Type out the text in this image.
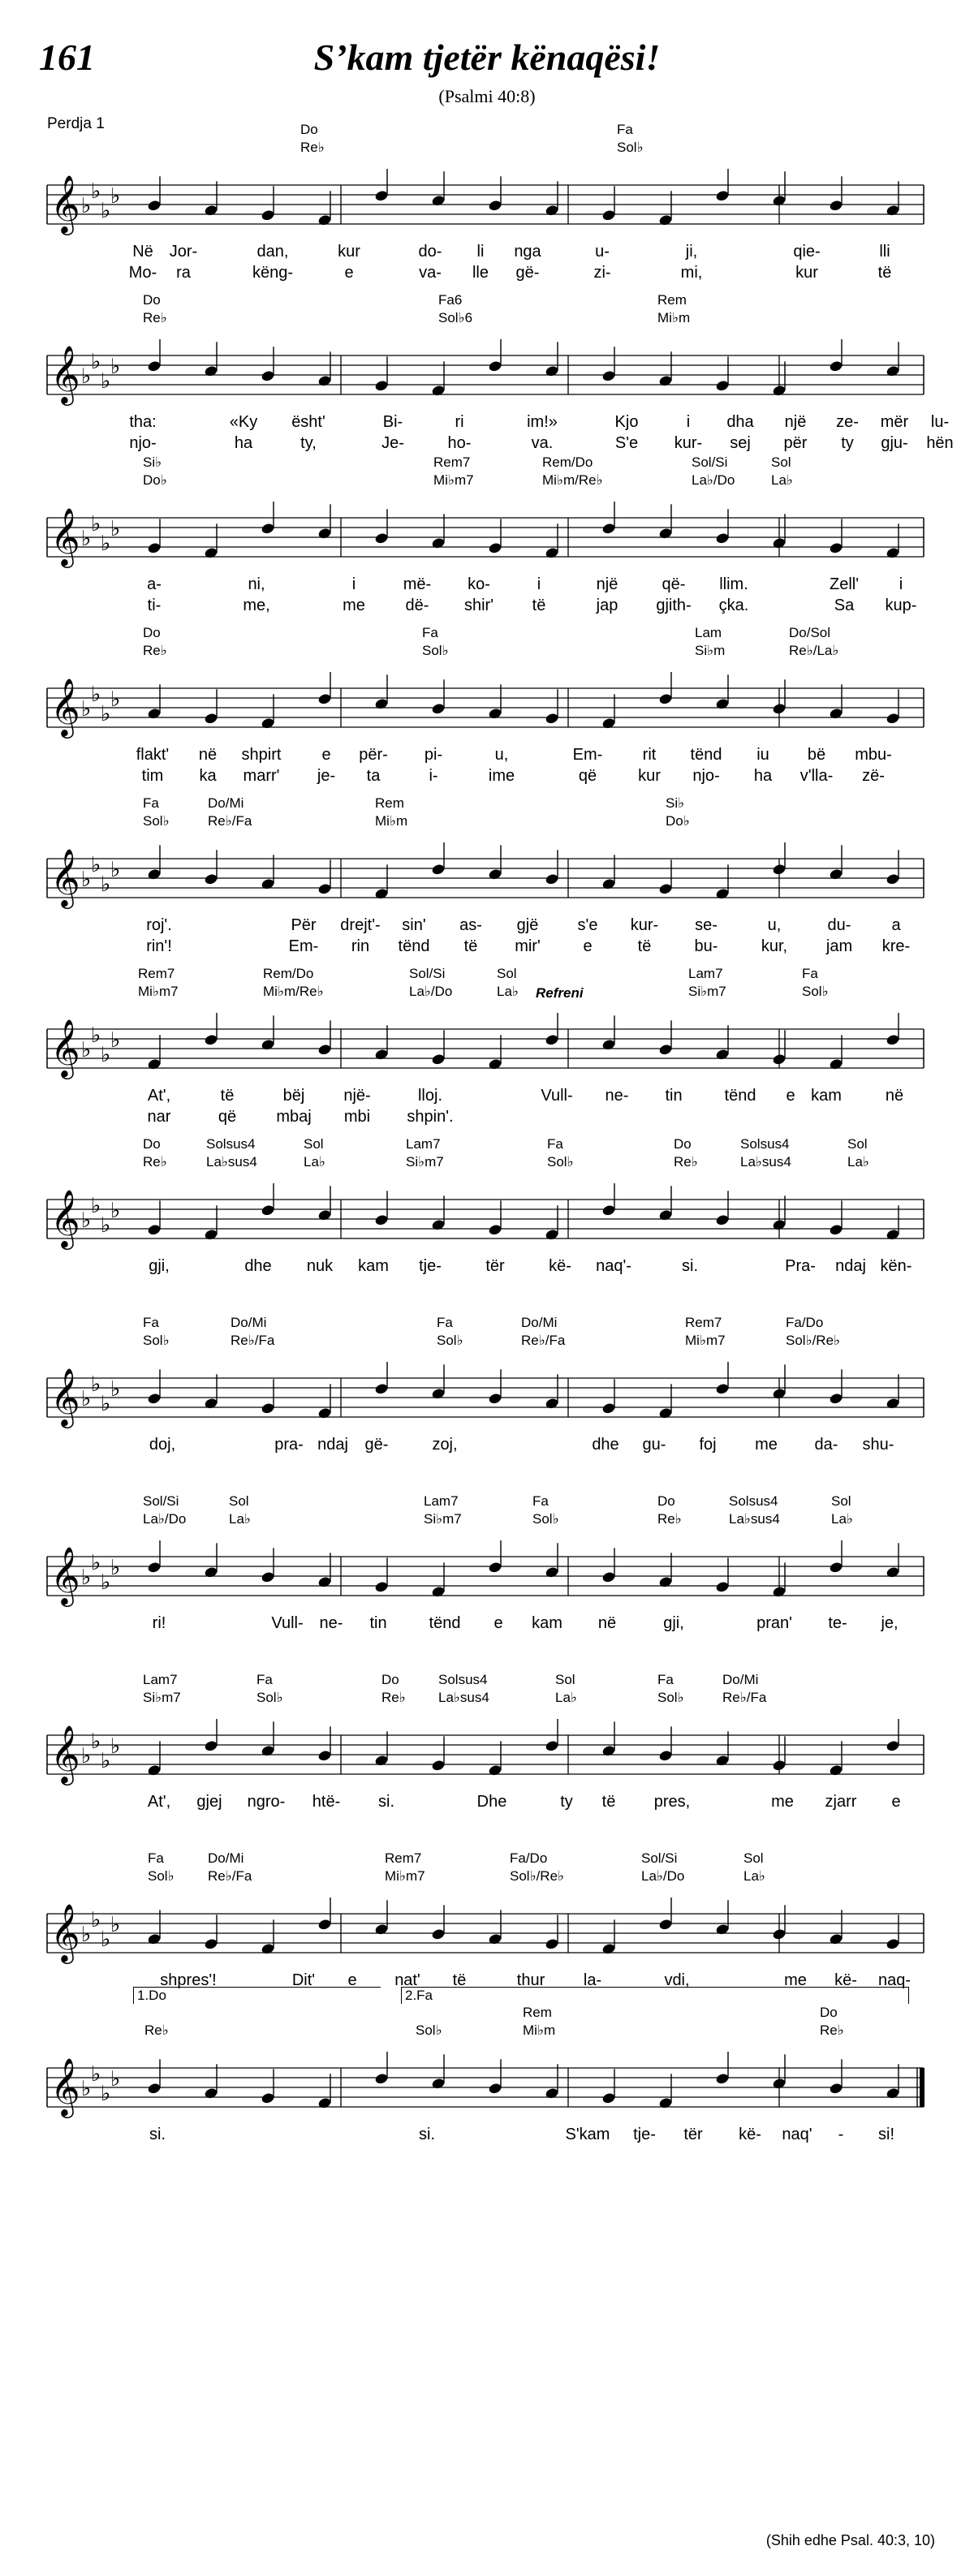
161	S’kam tjetër kënaqësi!
(Psalmi 40:8)
Perdja 1	Do
Re♭
Fa
Sol♭
𝄞 ♭
♭
♭
♭
Në Jor-	dan,	kur	do- li nga	u-	ji,	qie-	lli
Mo- ra	këng-	e	va- lle gë-	zi-	mi,	kur	të
Do
Re♭
Fa6
Sol♭6
Rem
Mi♭m
𝄞 ♭
♭
♭
♭
tha:	«Ky ësht'	Bi-	ri	im!»	Kjo	i dha një ze- mër lu-
njo-	ha	ty,	Je-	ho-	va.	S'e kur- sej për ty gju- hën
Si♭
Do♭
Rem7
Mi♭m7
Rem/Do
Mi♭m/Re♭
Sol/Si
La♭/Do
Sol
La♭
𝄞 ♭
♭
♭
♭
a-	ni,	i	më- ko-	i	një	që- llim.	Zell' i
ti-	me,	me dë- shir' të	jap gjith- çka.	Sa kup-
Do
Re♭
Fa
Sol♭
Lam
Si♭m
Do/Sol
Re♭/La♭
𝄞 ♭
♭
♭
♭
flakt' në shpirt e për- pi-	u,	Em- rit tënd iu bë mbu-
tim ka marr' je- ta	i-	ime	që	kur njo- ha v'lla- zë-
Fa
Sol♭
Do/Mi
Re♭/Fa
Rem
Mi♭m
Si♭
Do♭
𝄞 ♭
♭
♭
♭
roj'.	Për drejt'- sin' as- gjë s'e kur- se-	u,	du- a
rin'!	Em- rin tënd të mir'	e	të	bu-	kur, jam kre-
Rem7
Mi♭m7
Rem/Do
Mi♭m/Re♭
Sol/Si
La♭/Do
Sol
La♭
Lam7
Si♭m7
Fa
Sol♭
Refreni
𝄞 ♭
♭
♭
♭
At',	të	bëj një-	lloj.	Vull- ne- tin	tënd e kam	në
nar	që mbaj mbi shpin'.
Do
Re♭
Solsus4
La♭sus4
Sol
La♭
Lam7
Si♭m7
Fa
Sol♭
Do
Re♭
Solsus4
La♭sus4
Sol
La♭
𝄞 ♭
♭
♭
♭
gji,	dhe nuk kam tje-	tër	kë- naq'-	si.	Pra- ndaj kën-
Fa
Sol♭
Do/Mi
Re♭/Fa
Fa
Sol♭
Do/Mi
Re♭/Fa
Rem7
Mi♭m7
Fa/Do
Sol♭/Re♭
𝄞 ♭
♭
♭
♭
doj,	pra- ndaj gë-	zoj,	dhe gu- foj me da- shu-
Sol/Si
La♭/Do
Sol
La♭
Lam7
Si♭m7
Fa
Sol♭
Do
Re♭
Solsus4
La♭sus4
Sol
La♭
𝄞 ♭
♭
♭
♭
ri!	Vull- ne- tin	tënd e kam në	gji,	pran' te- je,
Lam7
Si♭m7
Fa
Sol♭
Do
Re♭
Solsus4
La♭sus4
Sol
La♭
Fa
Sol♭
Do/Mi
Re♭/Fa
𝄞 ♭
♭
♭
♭
At', gjej ngro- htë- si.	Dhe	ty të pres,	me zjarr e
Fa
Sol♭
Do/Mi
Re♭/Fa
Rem7
Mi♭m7
Fa/Do
Sol♭/Re♭
Sol/Si
La♭/Do
Sol
La♭
𝄞 ♭
♭
♭
♭
shpres'!	Dit' e nat' të	thur la-	vdi,	me kë- naq-
Re♭	Sol♭
Rem
Mi♭m
Do
Re♭
𝄞 ♭
♭
♭
♭
1.Do	2.Fa
si.	si.	S'kam tje- tër kë- naq' - si!
(Shih edhe Psal. 40:3, 10)
